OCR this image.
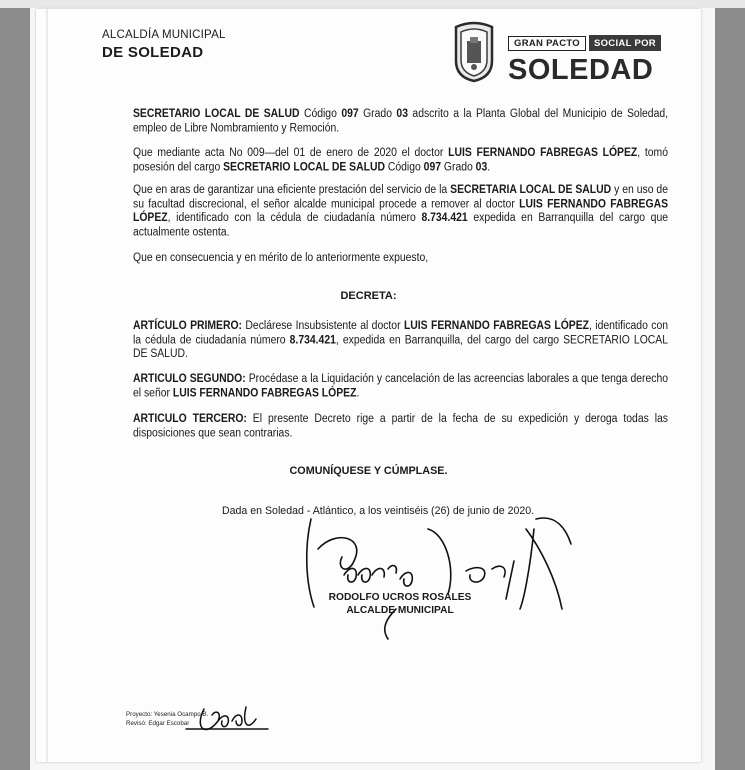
ALCALDÍA MUNICIPAL
DE SOLEDAD
GRAN PACTO	SOCIAL POR
SOLEDAD
SECRETARIO LOCAL DE SALUD Código 097 Grado 03 adscrito a la Planta Global del Municipio de Soledad, empleo de Libre Nombramiento y Remoción.
Que mediante acta No 009—del 01 de enero de 2020 el doctor LUIS FERNANDO FABREGAS LÓPEZ, tomó posesión del cargo SECRETARIO LOCAL DE SALUD Código 097 Grado 03.
Que en aras de garantizar una eficiente prestación del servicio de la SECRETARIA LOCAL DE SALUD y en uso de su facultad discrecional, el señor alcalde municipal procede a remover al doctor LUIS FERNANDO FABREGAS LÓPEZ, identificado con la cédula de ciudadanía número 8.734.421 expedida en Barranquilla del cargo que actualmente ostenta.
Que en consecuencia y en mérito de lo anteriormente expuesto,
DECRETA:
ARTÍCULO PRIMERO: Declárese Insubsistente al doctor LUIS FERNANDO FABREGAS LÓPEZ, identificado con la cédula de ciudadanía número 8.734.421, expedida en Barranquilla, del cargo del cargo SECRETARIO LOCAL DE SALUD.
ARTICULO SEGUNDO: Procédase a la Liquidación y cancelación de las acreencias laborales a que tenga derecho el señor LUIS FERNANDO FABREGAS LÓPEZ.
ARTICULO TERCERO: El presente Decreto rige a partir de la fecha de su expedición y deroga todas las disposiciones que sean contrarias.
COMUNÍQUESE Y CÚMPLASE.
Dada en Soledad - Atlántico, a los veintiséis (26) de junio de 2020.
RODOLFO UCROS ROSALES
ALCALDE MUNICIPAL
Proyecto: Yesenia Ocampo B.
Revisó: Edgar Escobar
